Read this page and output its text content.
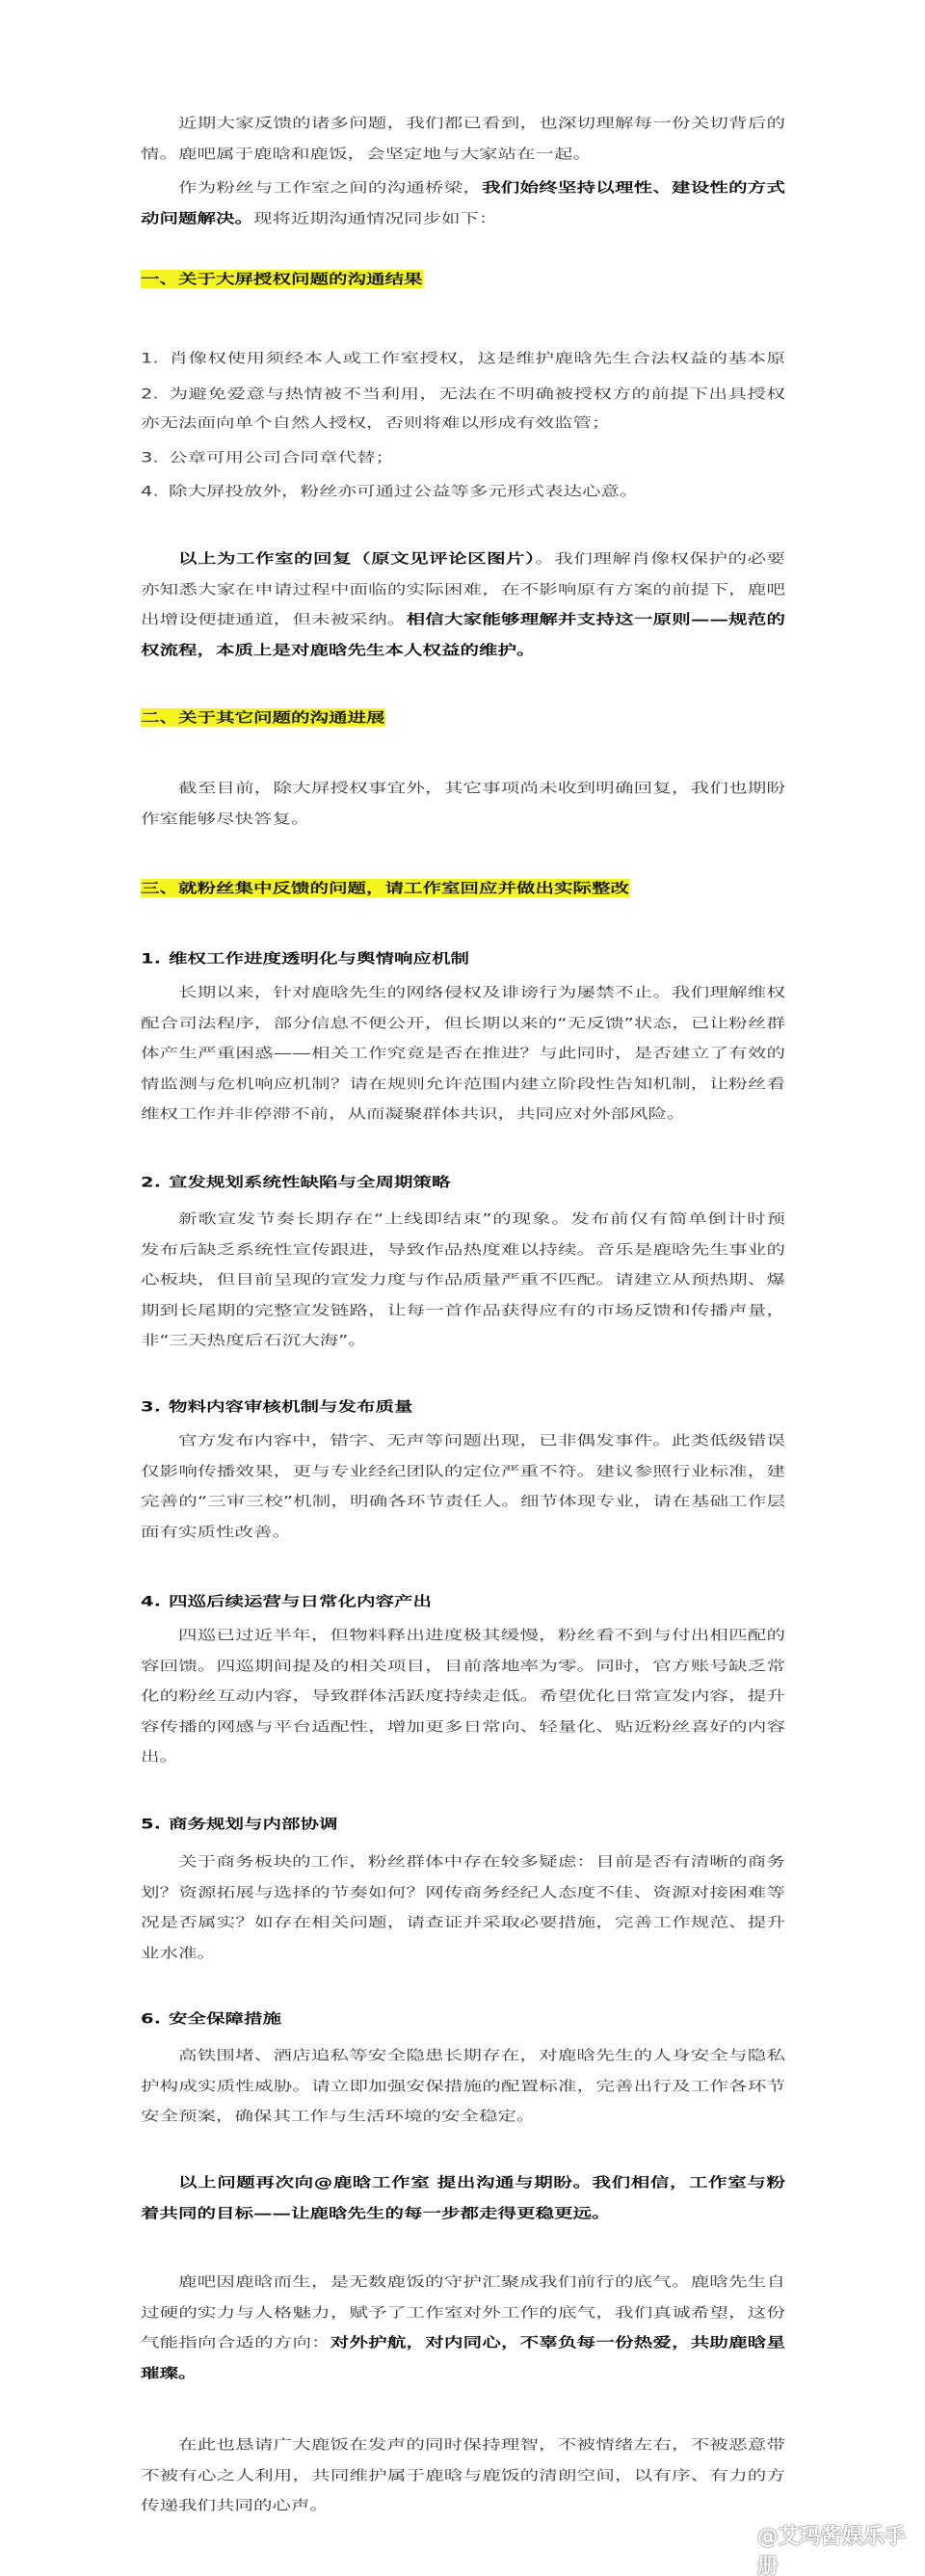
@艾玛酱娱乐手册
近期大家反馈的诸多问题，我们都已看到，也深切理解每一份关切背后的
情。鹿吧属于鹿晗和鹿饭，会坚定地与大家站在一起。
作为粉丝与工作室之间的沟通桥梁，我们始终坚持以理性、建设性的方式
动问题解决。现将近期沟通情况同步如下：
一、关于大屏授权问题的沟通结果
1. 肖像权使用须经本人或工作室授权，这是维护鹿晗先生合法权益的基本原
2. 为避免爱意与热情被不当利用，无法在不明确被授权方的前提下出具授权
亦无法面向单个自然人授权，否则将难以形成有效监管；
3. 公章可用公司合同章代替；
4. 除大屏投放外，粉丝亦可通过公益等多元形式表达心意。
以上为工作室的回复（原文见评论区图片）。我们理解肖像权保护的必要
亦知悉大家在申请过程中面临的实际困难，在不影响原有方案的前提下，鹿吧
出增设便捷通道，但未被采纳。相信大家能够理解并支持这一原则——规范的
权流程，本质上是对鹿晗先生本人权益的维护。
二、关于其它问题的沟通进展
截至目前，除大屏授权事宜外，其它事项尚未收到明确回复，我们也期盼
作室能够尽快答复。
三、就粉丝集中反馈的问题，请工作室回应并做出实际整改
1. 维权工作进度透明化与舆情响应机制
长期以来，针对鹿晗先生的网络侵权及诽谤行为屡禁不止。我们理解维权
配合司法程序，部分信息不便公开，但长期以来的“无反馈”状态，已让粉丝群
体产生严重困惑——相关工作究竟是否在推进？与此同时，是否建立了有效的
情监测与危机响应机制？请在规则允许范围内建立阶段性告知机制，让粉丝看
维权工作并非停滞不前，从而凝聚群体共识，共同应对外部风险。
2. 宣发规划系统性缺陷与全周期策略
新歌宣发节奏长期存在“上线即结束”的现象。发布前仅有简单倒计时预
发布后缺乏系统性宣传跟进，导致作品热度难以持续。音乐是鹿晗先生事业的
心板块，但目前呈现的宣发力度与作品质量严重不匹配。请建立从预热期、爆
期到长尾期的完整宣发链路，让每一首作品获得应有的市场反馈和传播声量，
非“三天热度后石沉大海”。
3. 物料内容审核机制与发布质量
官方发布内容中，错字、无声等问题出现，已非偶发事件。此类低级错误
仅影响传播效果，更与专业经纪团队的定位严重不符。建议参照行业标准，建
完善的“三审三校”机制，明确各环节责任人。细节体现专业，请在基础工作层
面有实质性改善。
4. 四巡后续运营与日常化内容产出
四巡已过近半年，但物料释出进度极其缓慢，粉丝看不到与付出相匹配的
容回馈。四巡期间提及的相关项目，目前落地率为零。同时，官方账号缺乏常
化的粉丝互动内容，导致群体活跃度持续走低。希望优化日常宣发内容，提升
容传播的网感与平台适配性，增加更多日常向、轻量化、贴近粉丝喜好的内容
出。
5. 商务规划与内部协调
关于商务板块的工作，粉丝群体中存在较多疑虑：目前是否有清晰的商务
划？资源拓展与选择的节奏如何？网传商务经纪人态度不佳、资源对接困难等
况是否属实？如存在相关问题，请查证并采取必要措施，完善工作规范、提升
业水准。
6. 安全保障措施
高铁围堵、酒店追私等安全隐患长期存在，对鹿晗先生的人身安全与隐私
护构成实质性威胁。请立即加强安保措施的配置标准，完善出行及工作各环节
安全预案，确保其工作与生活环境的安全稳定。
以上问题再次向@鹿晗工作室 提出沟通与期盼。我们相信，工作室与粉
着共同的目标——让鹿晗先生的每一步都走得更稳更远。
鹿吧因鹿晗而生，是无数鹿饭的守护汇聚成我们前行的底气。鹿晗先生自
过硬的实力与人格魅力，赋予了工作室对外工作的底气，我们真诚希望，这份
气能指向合适的方向：对外护航，对内同心，不辜负每一份热爱，共助鹿晗星
璀璨。
在此也恳请广大鹿饭在发声的同时保持理智，不被情绪左右，不被恶意带
不被有心之人利用，共同维护属于鹿晗与鹿饭的清朗空间，以有序、有力的方
传递我们共同的心声。
